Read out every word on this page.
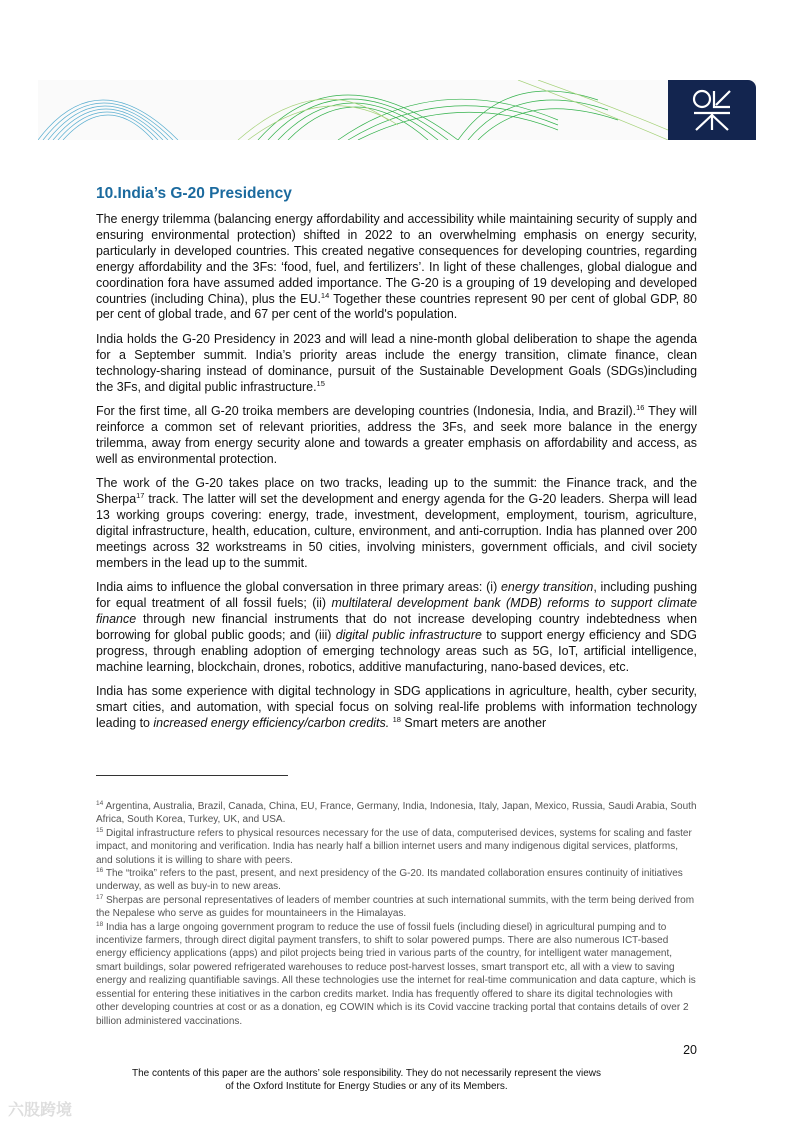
10.India’s G-20 Presidency

The energy trilemma (balancing energy affordability and accessibility while maintaining security of supply and ensuring environmental protection) shifted in 2022 to an overwhelming emphasis on energy security, particularly in developed countries. This created negative consequences for developing countries, regarding energy affordability and the 3Fs: ‘food, fuel, and fertilizers’. In light of these challenges, global dialogue and coordination fora have assumed added importance. The G-20 is a grouping of 19 developing and developed countries (including China), plus the EU.$^{14}$ Together these countries represent 90 per cent of global GDP, 80 per cent of global trade, and 67 per cent of the world's population.

India holds the G-20 Presidency in 2023 and will lead a nine-month global deliberation to shape the agenda for a September summit. India’s priority areas include the energy transition, climate finance, clean technology-sharing instead of dominance, pursuit of the Sustainable Development Goals (SDGs)including the 3Fs, and digital public infrastructure.$^{15}$

For the first time, all G-20 troika members are developing countries (Indonesia, India, and Brazil).$^{16}$ They will reinforce a common set of relevant priorities, address the 3Fs, and seek more balance in the energy trilemma, away from energy security alone and towards a greater emphasis on affordability and access, as well as environmental protection.

The work of the G-20 takes place on two tracks, leading up to the summit: the Finance track, and the Sherpa$^{17}$ track. The latter will set the development and energy agenda for the G-20 leaders. Sherpa will lead 13 working groups covering: energy, trade, investment, development, employment, tourism, agriculture, digital infrastructure, health, education, culture, environment, and anti-corruption. India has planned over 200 meetings across 32 workstreams in 50 cities, involving ministers, government officials, and civil society members in the lead up to the summit.

India aims to influence the global conversation in three primary areas: (i) energy transition, including pushing for equal treatment of all fossil fuels; (ii) multilateral development bank (MDB) reforms to support climate finance through new financial instruments that do not increase developing country indebtedness when borrowing for global public goods; and (iii) digital public infrastructure to support energy efficiency and SDG progress, through enabling adoption of emerging technology areas such as 5G, IoT, artificial intelligence, machine learning, blockchain, drones, robotics, additive manufacturing, nano-based devices, etc.

India has some experience with digital technology in SDG applications in agriculture, health, cyber security, smart cities, and automation, with special focus on solving real-life problems with information technology leading to increased energy efficiency/carbon credits. $^{18}$ Smart meters are another

$^{14}$ Argentina, Australia, Brazil, Canada, China, EU, France, Germany, India, Indonesia, Italy, Japan, Mexico, Russia, Saudi Arabia, South Africa, South Korea, Turkey, UK, and USA.
$^{15}$ Digital infrastructure refers to physical resources necessary for the use of data, computerised devices, systems for scaling and faster impact, and monitoring and verification. India has nearly half a billion internet users and many indigenous digital services, platforms, and solutions it is willing to share with peers.
$^{16}$ The “troika” refers to the past, present, and next presidency of the G-20. Its mandated collaboration ensures continuity of initiatives underway, as well as buy-in to new areas.
$^{17}$ Sherpas are personal representatives of leaders of member countries at such international summits, with the term being derived from the Nepalese who serve as guides for mountaineers in the Himalayas.
$^{18}$ India has a large ongoing government program to reduce the use of fossil fuels (including diesel) in agricultural pumping and to incentivize farmers, through direct digital payment transfers, to shift to solar powered pumps. There are also numerous ICT-based energy efficiency applications (apps) and pilot projects being tried in various parts of the country, for intelligent water management, smart buildings, solar powered refrigerated warehouses to reduce post-harvest losses, smart transport etc, all with a view to saving energy and realizing quantifiable savings. All these technologies use the internet for real-time communication and data capture, which is essential for entering these initiatives in the carbon credits market. India has frequently offered to share its digital technologies with other developing countries at cost or as a donation, eg COWIN which is its Covid vaccine tracking portal that contains details of over 2 billion administered vaccinations.
20
The contents of this paper are the authors’ sole responsibility. They do not necessarily represent the views
of the Oxford Institute for Energy Studies or any of its Members.
六股跨境
